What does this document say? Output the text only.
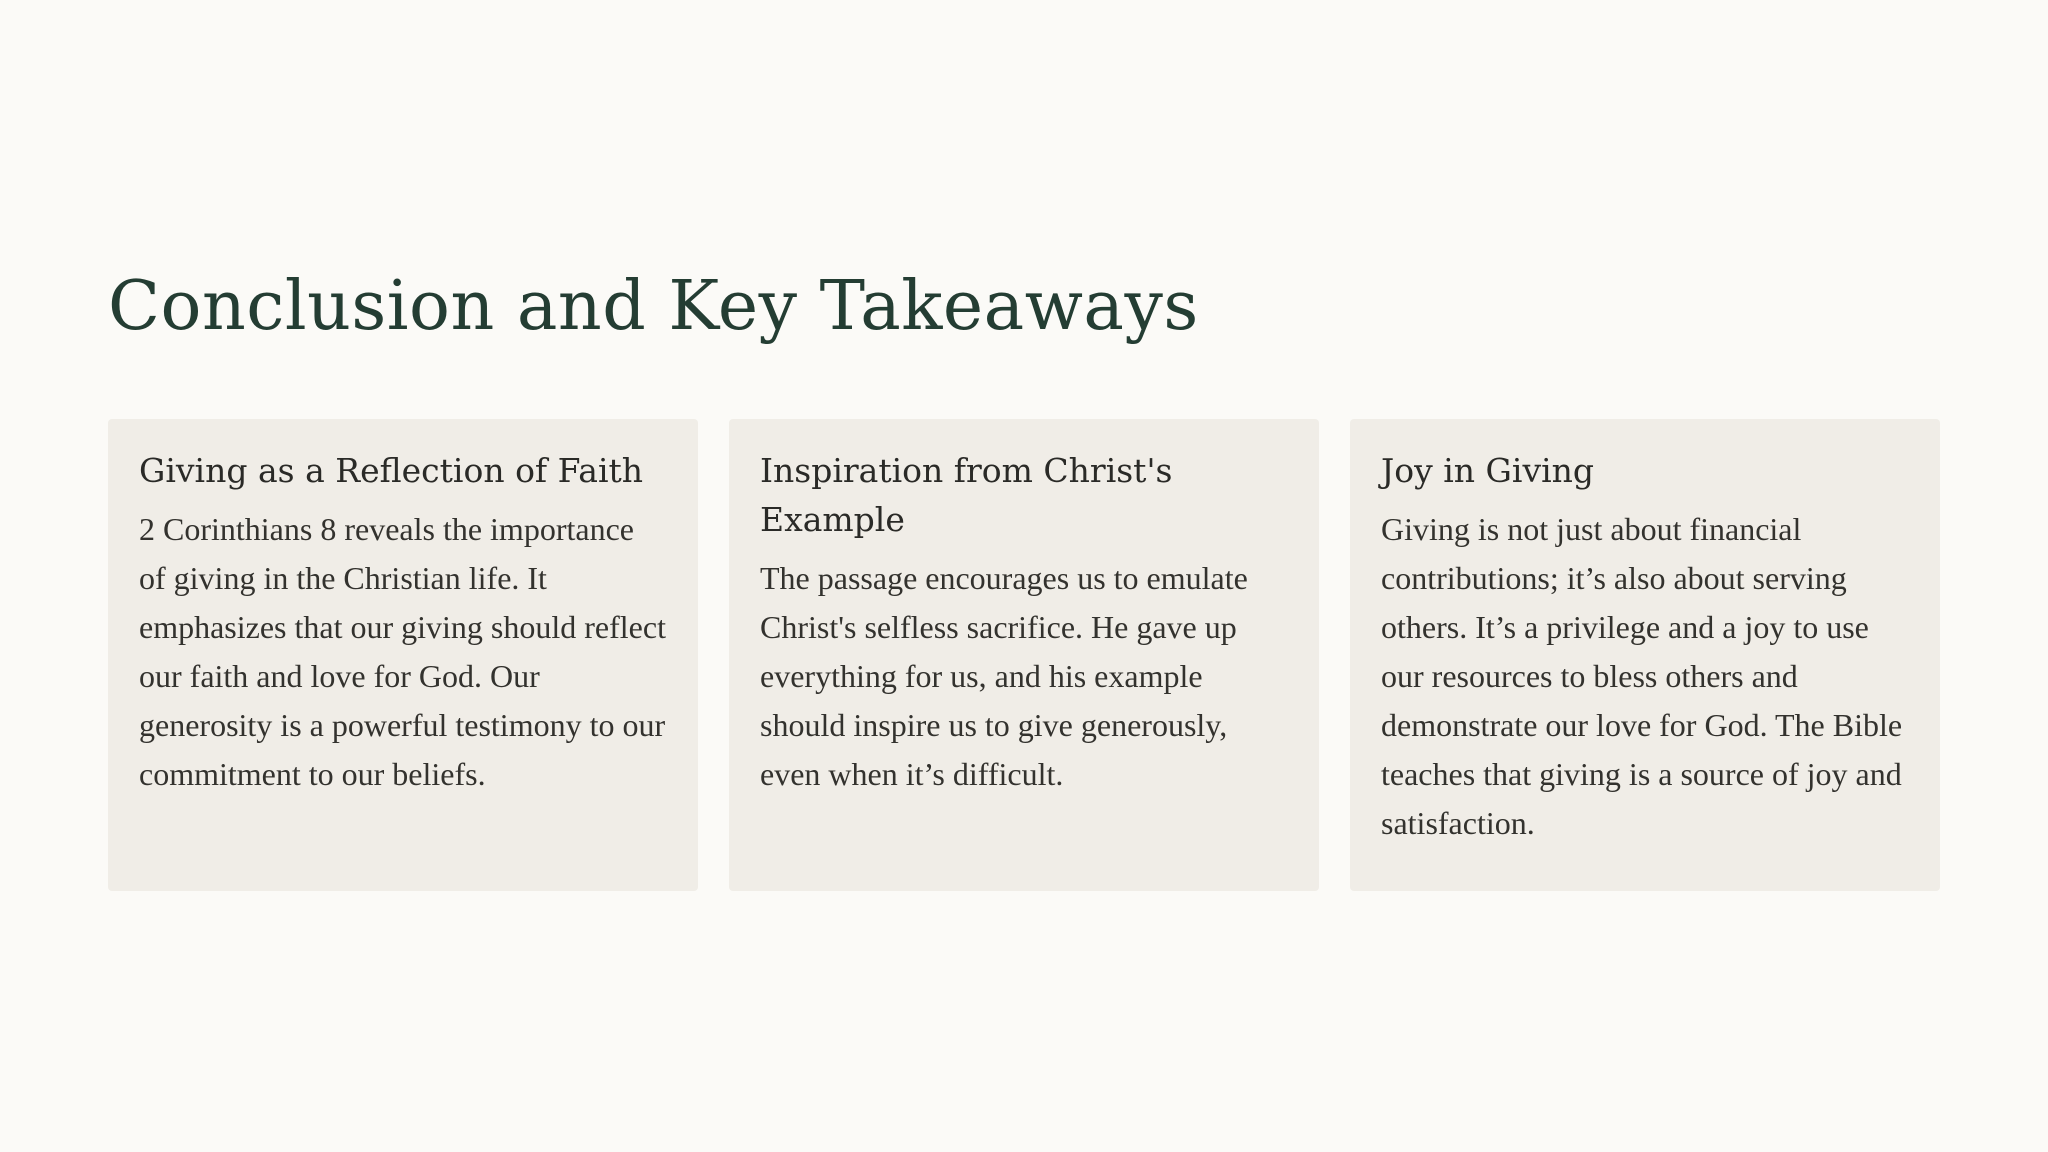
Conclusion and Key Takeaways
Giving as a Reflection of Faith

2 Corinthians 8 reveals the importance of giving in the Christian life. It emphasizes that our giving should reflect our faith and love for God. Our generosity is a powerful testimony to our commitment to our beliefs.

Inspiration from Christ's Example

The passage encourages us to emulate Christ's selfless sacrifice. He gave up everything for us, and his example should inspire us to give generously, even when it’s difficult.

Joy in Giving

Giving is not just about financial contributions; it’s also about serving others. It’s a privilege and a joy to use our resources to bless others and demonstrate our love for God. The Bible teaches that giving is a source of joy and satisfaction.
